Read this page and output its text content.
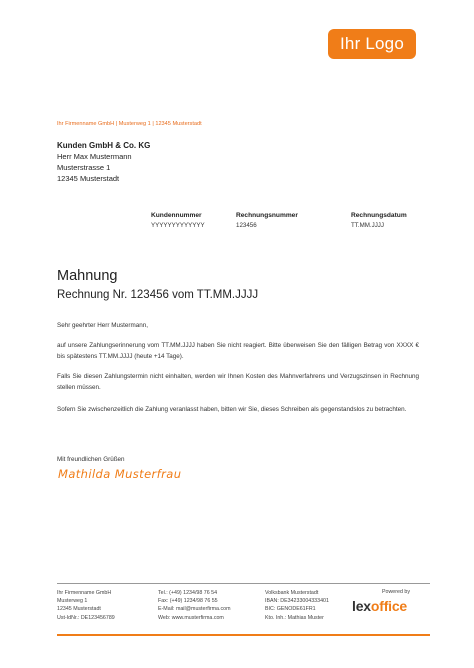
Ihr Logo
Ihr Firmenname GmbH | Musterweg 1 | 12345 Musterstadt
Kunden GmbH & Co. KG
Herr Max Mustermann
Musterstrasse 1
12345 Musterstadt
Kundennummer
YYYYYYYYYYYYY
Rechnungsnummer
123456
Rechnungsdatum
TT.MM.JJJJ
Mahnung
Rechnung Nr. 123456 vom TT.MM.JJJJ
Sehr geehrter Herr Mustermann,
auf unsere Zahlungserinnerung vom TT.MM.JJJJ haben Sie nicht reagiert. Bitte überweisen Sie den fälligen Betrag von XXXX € bis spätestens TT.MM.JJJJ (heute +14 Tage).
Falls Sie diesen Zahlungstermin nicht einhalten, werden wir Ihnen Kosten des Mahnverfahrens und Verzugszinsen in Rechnung stellen müssen.
Sofern Sie zwischenzeitlich die Zahlung veranlasst haben, bitten wir Sie, dieses Schreiben als gegenstandslos zu betrachten.
Mit freundlichen Grüßen
Mathilda Musterfrau
Ihr Firmenname GmbH
Musterweg 1
12345 Musterstadt
Ust-IdNr.: DE123456789
Tel.: (+49) 1234/98 76 54
Fax: (+49) 1234/98 76 55
E-Mail: mail@musterfirma.com
Web: www.musterfirma.com
Volksbank Musterstadt
IBAN: DE34233004333401
BIC: GENODE61FR1
Kto. Inh.: Mathias Muster
Powered by
lexoffice
